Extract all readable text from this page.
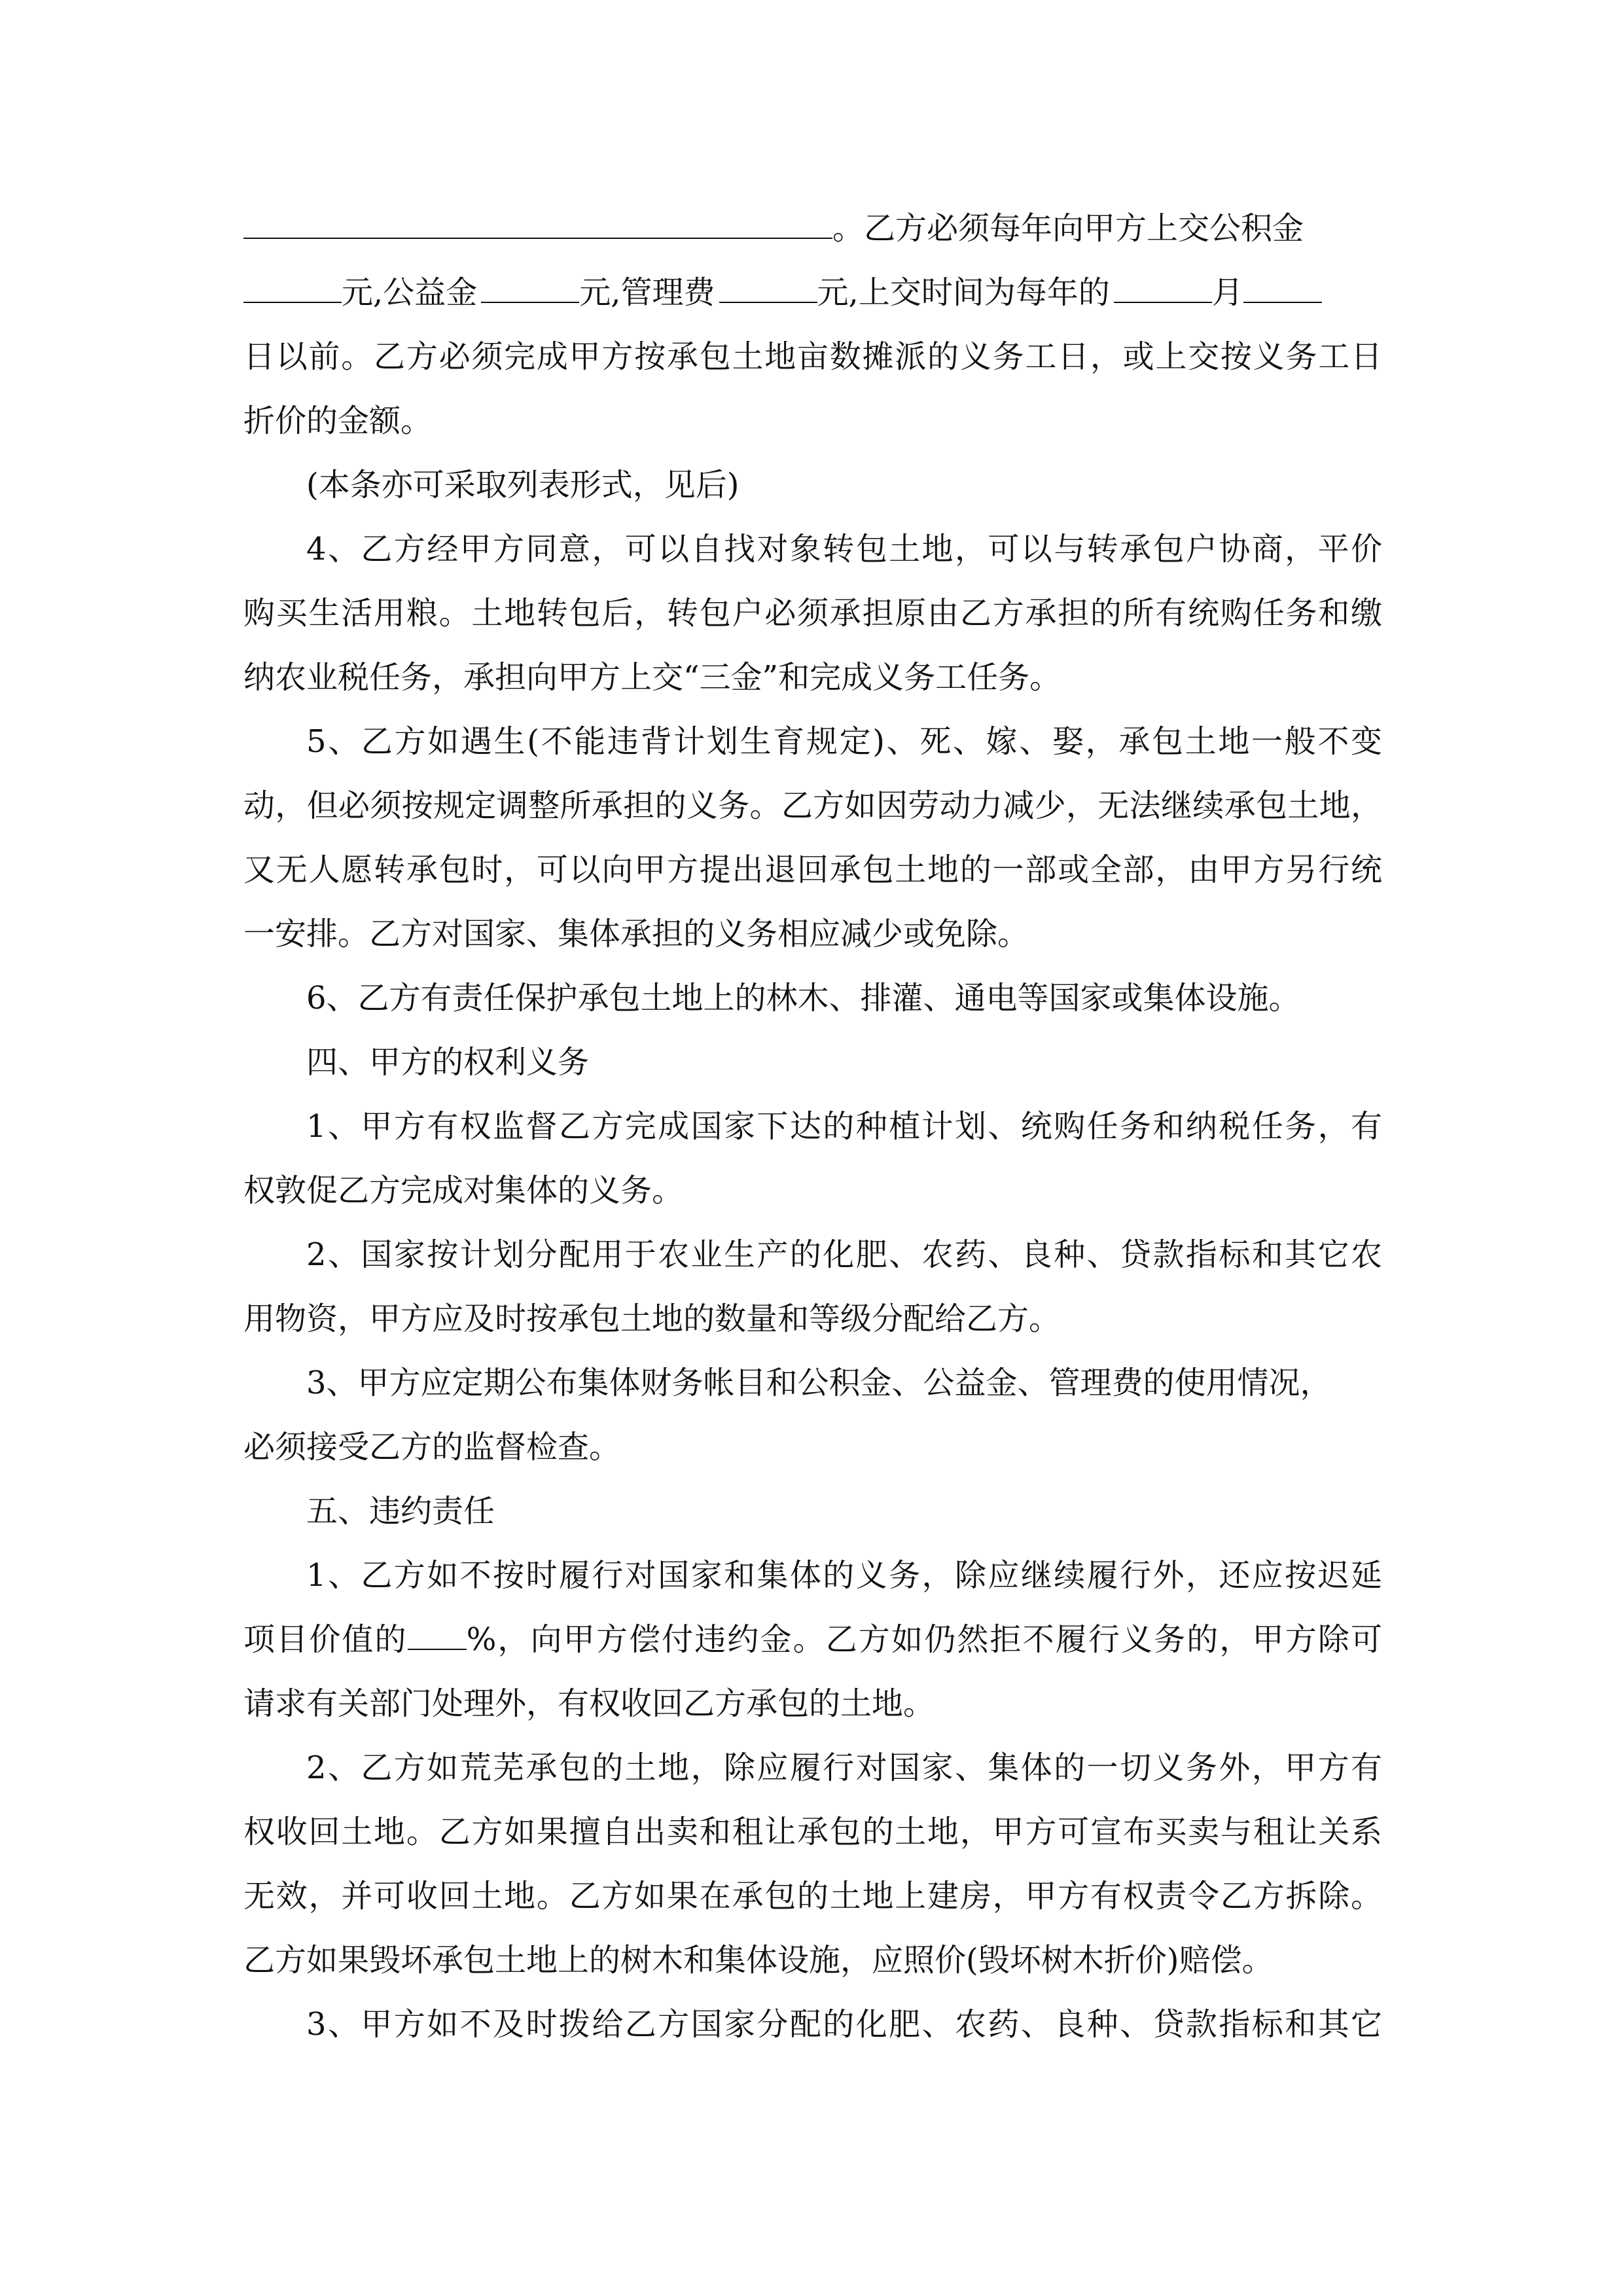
。乙方必须每年向甲方上交公积金
元,公益金	元,管理费	元,上交时间为每年的	月
日以前。乙方必须完成甲方按承包土地亩数摊派的义务工日，或上交按义务工日
折价的金额。
(本条亦可采取列表形式，见后)
4、乙方经甲方同意，可以自找对象转包土地，可以与转承包户协商，平价
购买生活用粮。土地转包后，转包户必须承担原由乙方承担的所有统购任务和缴
纳农业税任务，承担向甲方上交“三金”和完成义务工任务。
5、乙方如遇生(不能违背计划生育规定)、死、嫁、娶，承包土地一般不变
动，但必须按规定调整所承担的义务。乙方如因劳动力减少，无法继续承包土地，
又无人愿转承包时，可以向甲方提出退回承包土地的一部或全部，由甲方另行统
一安排。乙方对国家、集体承担的义务相应减少或免除。
6、乙方有责任保护承包土地上的林木、排灌、通电等国家或集体设施。
四、甲方的权利义务
1、甲方有权监督乙方完成国家下达的种植计划、统购任务和纳税任务，有
权敦促乙方完成对集体的义务。
2、国家按计划分配用于农业生产的化肥、农药、良种、贷款指标和其它农
用物资，甲方应及时按承包土地的数量和等级分配给乙方。
3、甲方应定期公布集体财务帐目和公积金、公益金、管理费的使用情况，
必须接受乙方的监督检查。
五、违约责任
1、乙方如不按时履行对国家和集体的义务，除应继续履行外，还应按迟延
项目价值的 %，向甲方偿付违约金。乙方如仍然拒不履行义务的，甲方除可
请求有关部门处理外，有权收回乙方承包的土地。
2、乙方如荒芜承包的土地，除应履行对国家、集体的一切义务外，甲方有
权收回土地。乙方如果擅自出卖和租让承包的土地，甲方可宣布买卖与租让关系
无效，并可收回土地。乙方如果在承包的土地上建房，甲方有权责令乙方拆除。
乙方如果毁坏承包土地上的树木和集体设施，应照价(毁坏树木折价)赔偿。
3、甲方如不及时拨给乙方国家分配的化肥、农药、良种、贷款指标和其它
